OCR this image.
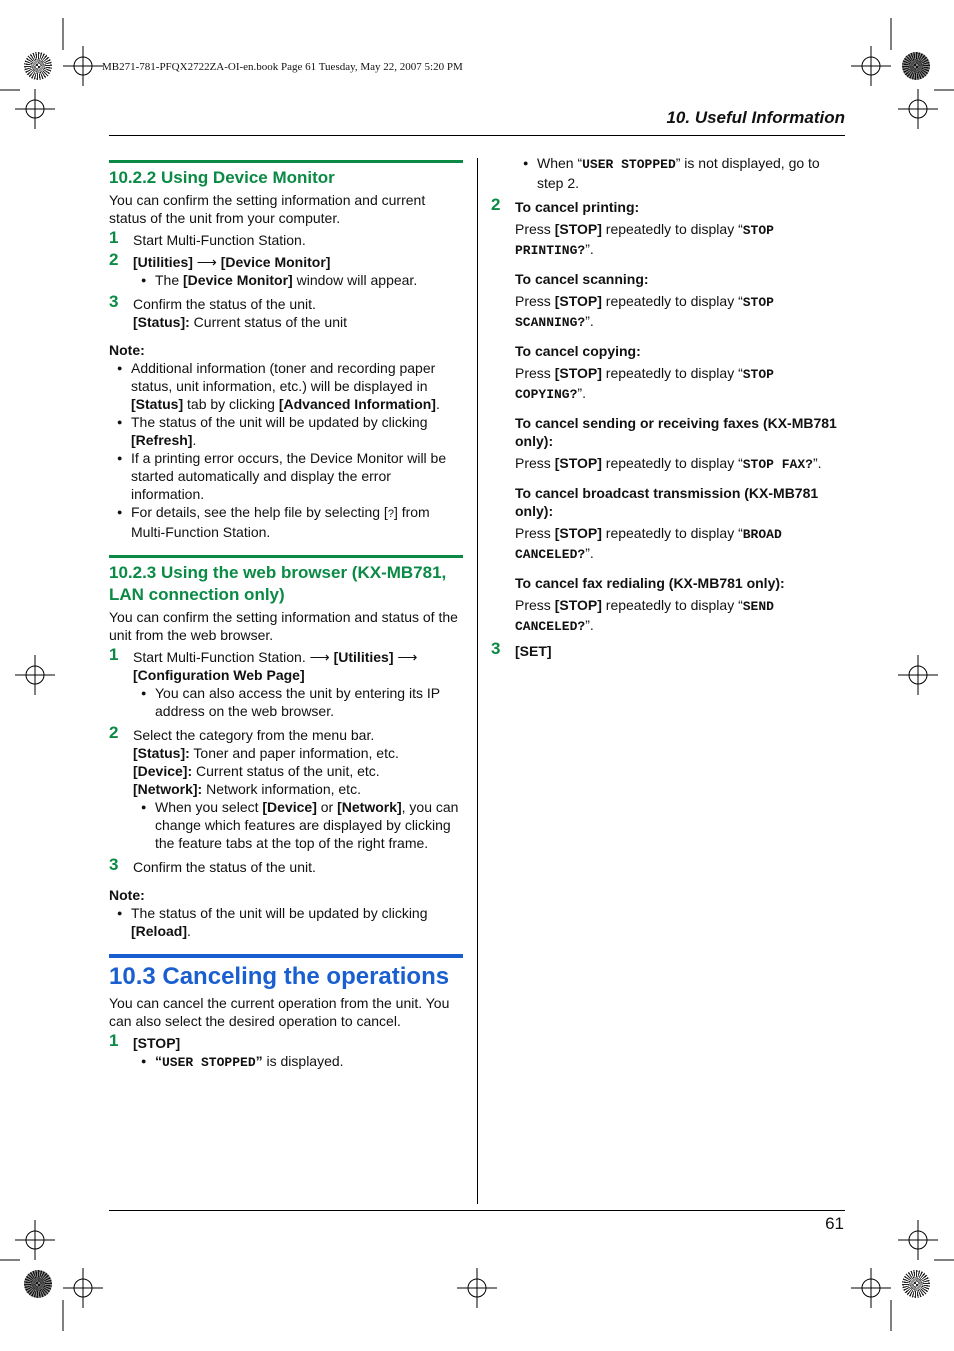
MB271-781-PFQX2722ZA-OI-en.book Page 61 Tuesday, May 22, 2007 5:20 PM
10. Useful Information
61
10.2.2 Using Device Monitor

You can confirm the setting information and current status of the unit from your computer.

1 Start Multi-Function Station.
2 [Utilities] ⟶ [Device Monitor]
● The [Device Monitor] window will appear.
3 Confirm the status of the unit.
[Status]: Current status of the unit
Note:
● Additional information (toner and recording paper status, unit information, etc.) will be displayed in [Status] tab by clicking [Advanced Information].
● The status of the unit will be updated by clicking [Refresh].
● If a printing error occurs, the Device Monitor will be started automatically and display the error information.
● For details, see the help file by selecting [?] from Multi-Function Station.
10.2.3 Using the web browser (KX-MB781, LAN connection only)

You can confirm the setting information and status of the unit from the web browser.

1 Start Multi-Function Station. ⟶ [Utilities] ⟶
[Configuration Web Page]
● You can also access the unit by entering its IP address on the web browser.
2 Select the category from the menu bar.
[Status]: Toner and paper information, etc.
[Device]: Current status of the unit, etc.
[Network]: Network information, etc.
● When you select [Device] or [Network], you can change which features are displayed by clicking the feature tabs at the top of the right frame.
3 Confirm the status of the unit.
Note:
● The status of the unit will be updated by clicking [Reload].
10.3 Canceling the operations

You can cancel the current operation from the unit. You can also select the desired operation to cancel.

1 [STOP]
● “USER STOPPED” is displayed.
● When “USER STOPPED” is not displayed, go to step 2.
2 To cancel printing:
Press [STOP] repeatedly to display “STOP PRINTING?”.
To cancel scanning:
Press [STOP] repeatedly to display “STOP SCANNING?”.
To cancel copying:
Press [STOP] repeatedly to display “STOP COPYING?”.
To cancel sending or receiving faxes (KX-MB781 only):
Press [STOP] repeatedly to display “STOP FAX?”.
To cancel broadcast transmission (KX-MB781 only):
Press [STOP] repeatedly to display “BROAD CANCELED?”.
To cancel fax redialing (KX-MB781 only):
Press [STOP] repeatedly to display “SEND CANCELED?”.
3 [SET]
